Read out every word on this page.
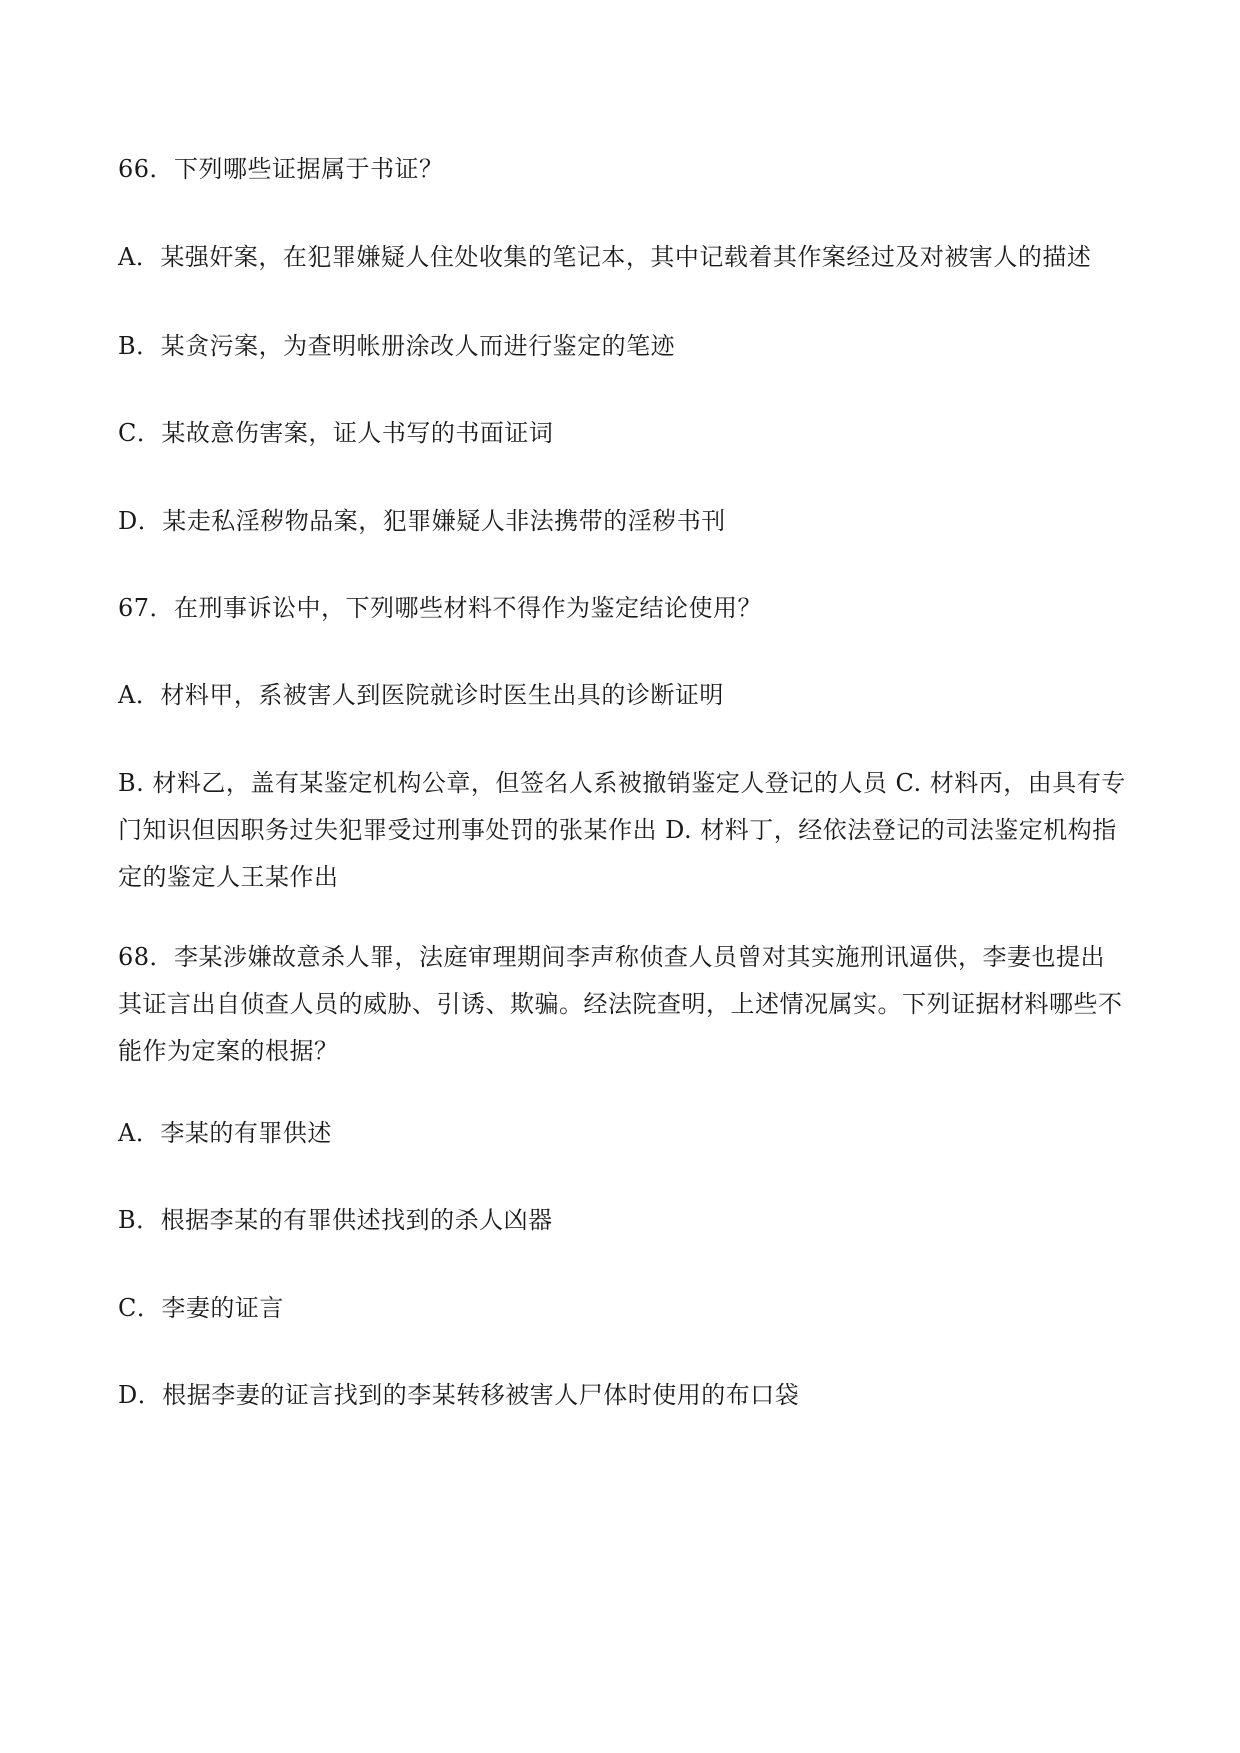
66．下列哪些证据属于书证？
A．某强奸案，在犯罪嫌疑人住处收集的笔记本，其中记载着其作案经过及对被害人的描述
B．某贪污案，为查明帐册涂改人而进行鉴定的笔迹
C．某故意伤害案，证人书写的书面证词
D．某走私淫秽物品案，犯罪嫌疑人非法携带的淫秽书刊
67．在刑事诉讼中，下列哪些材料不得作为鉴定结论使用？
A．材料甲，系被害人到医院就诊时医生出具的诊断证明
B. 材料乙，盖有某鉴定机构公章，但签名人系被撤销鉴定人登记的人员 C. 材料丙，由具有专门知识但因职务过失犯罪受过刑事处罚的张某作出 D. 材料丁，经依法登记的司法鉴定机构指定的鉴定人王某作出
68．李某涉嫌故意杀人罪，法庭审理期间李声称侦查人员曾对其实施刑讯逼供，李妻也提出其证言出自侦查人员的威胁、引诱、欺骗。经法院查明，上述情况属实。下列证据材料哪些不能作为定案的根据？
A．李某的有罪供述
B．根据李某的有罪供述找到的杀人凶器
C．李妻的证言
D．根据李妻的证言找到的李某转移被害人尸体时使用的布口袋
